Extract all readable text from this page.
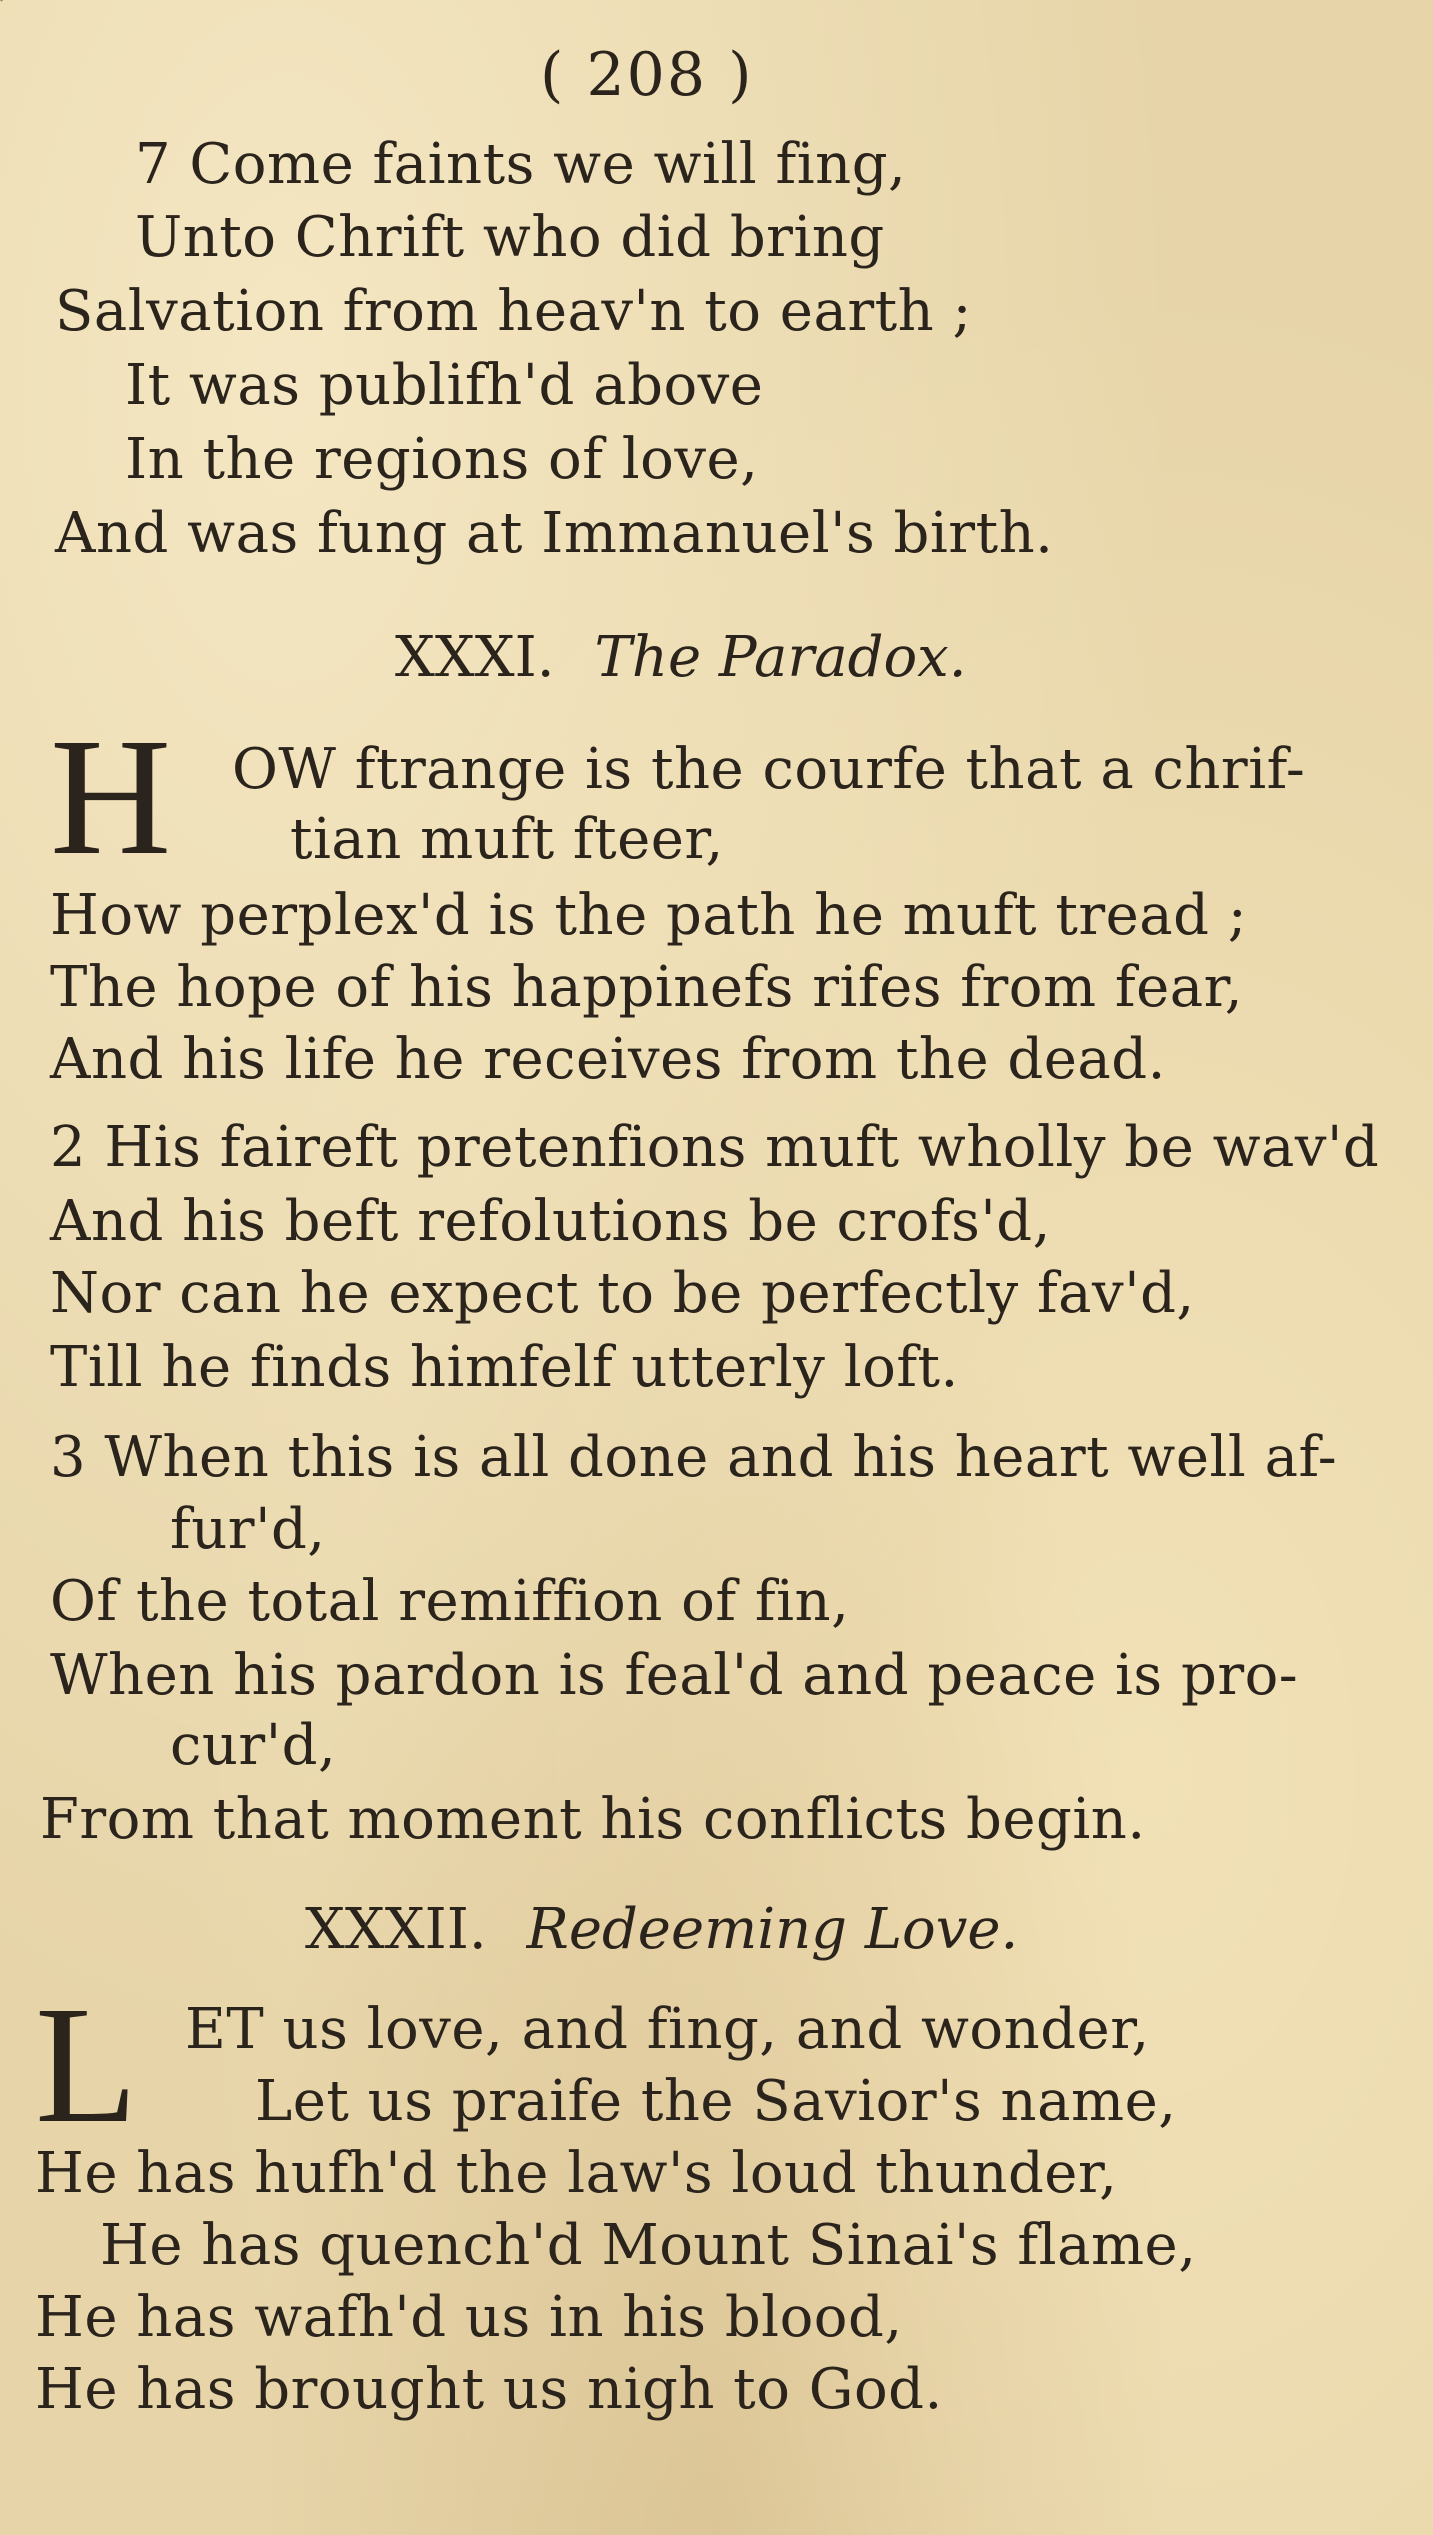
( 208 )
7 Come faints we will fing,
Unto Chrift who did bring
Salvation from heav'n to earth ;
It was publifh'd above
In the regions of love,
And was fung at Immanuel's birth.
XXXI. The Paradox.
H OW ftrange is the courfe that a chrif-
tian muft fteer,
How perplex'd is the path he muft tread ;
The hope of his happinefs rifes from fear,
And his life he receives from the dead.
2 His faireft pretenfions muft wholly be wav'd
And his beft refolutions be crofs'd,
Nor can he expect to be perfectly fav'd,
Till he finds himfelf utterly loft.
3 When this is all done and his heart well af-
fur'd,
Of the total remiffion of fin,
When his pardon is feal'd and peace is pro-
cur'd,
From that moment his conflicts begin.
XXXII. Redeeming Love.
L ET us love, and fing, and wonder,
Let us praife the Savior's name,
He has hufh'd the law's loud thunder,
He has quench'd Mount Sinai's flame,
He has wafh'd us in his blood,
He has brought us nigh to God.
